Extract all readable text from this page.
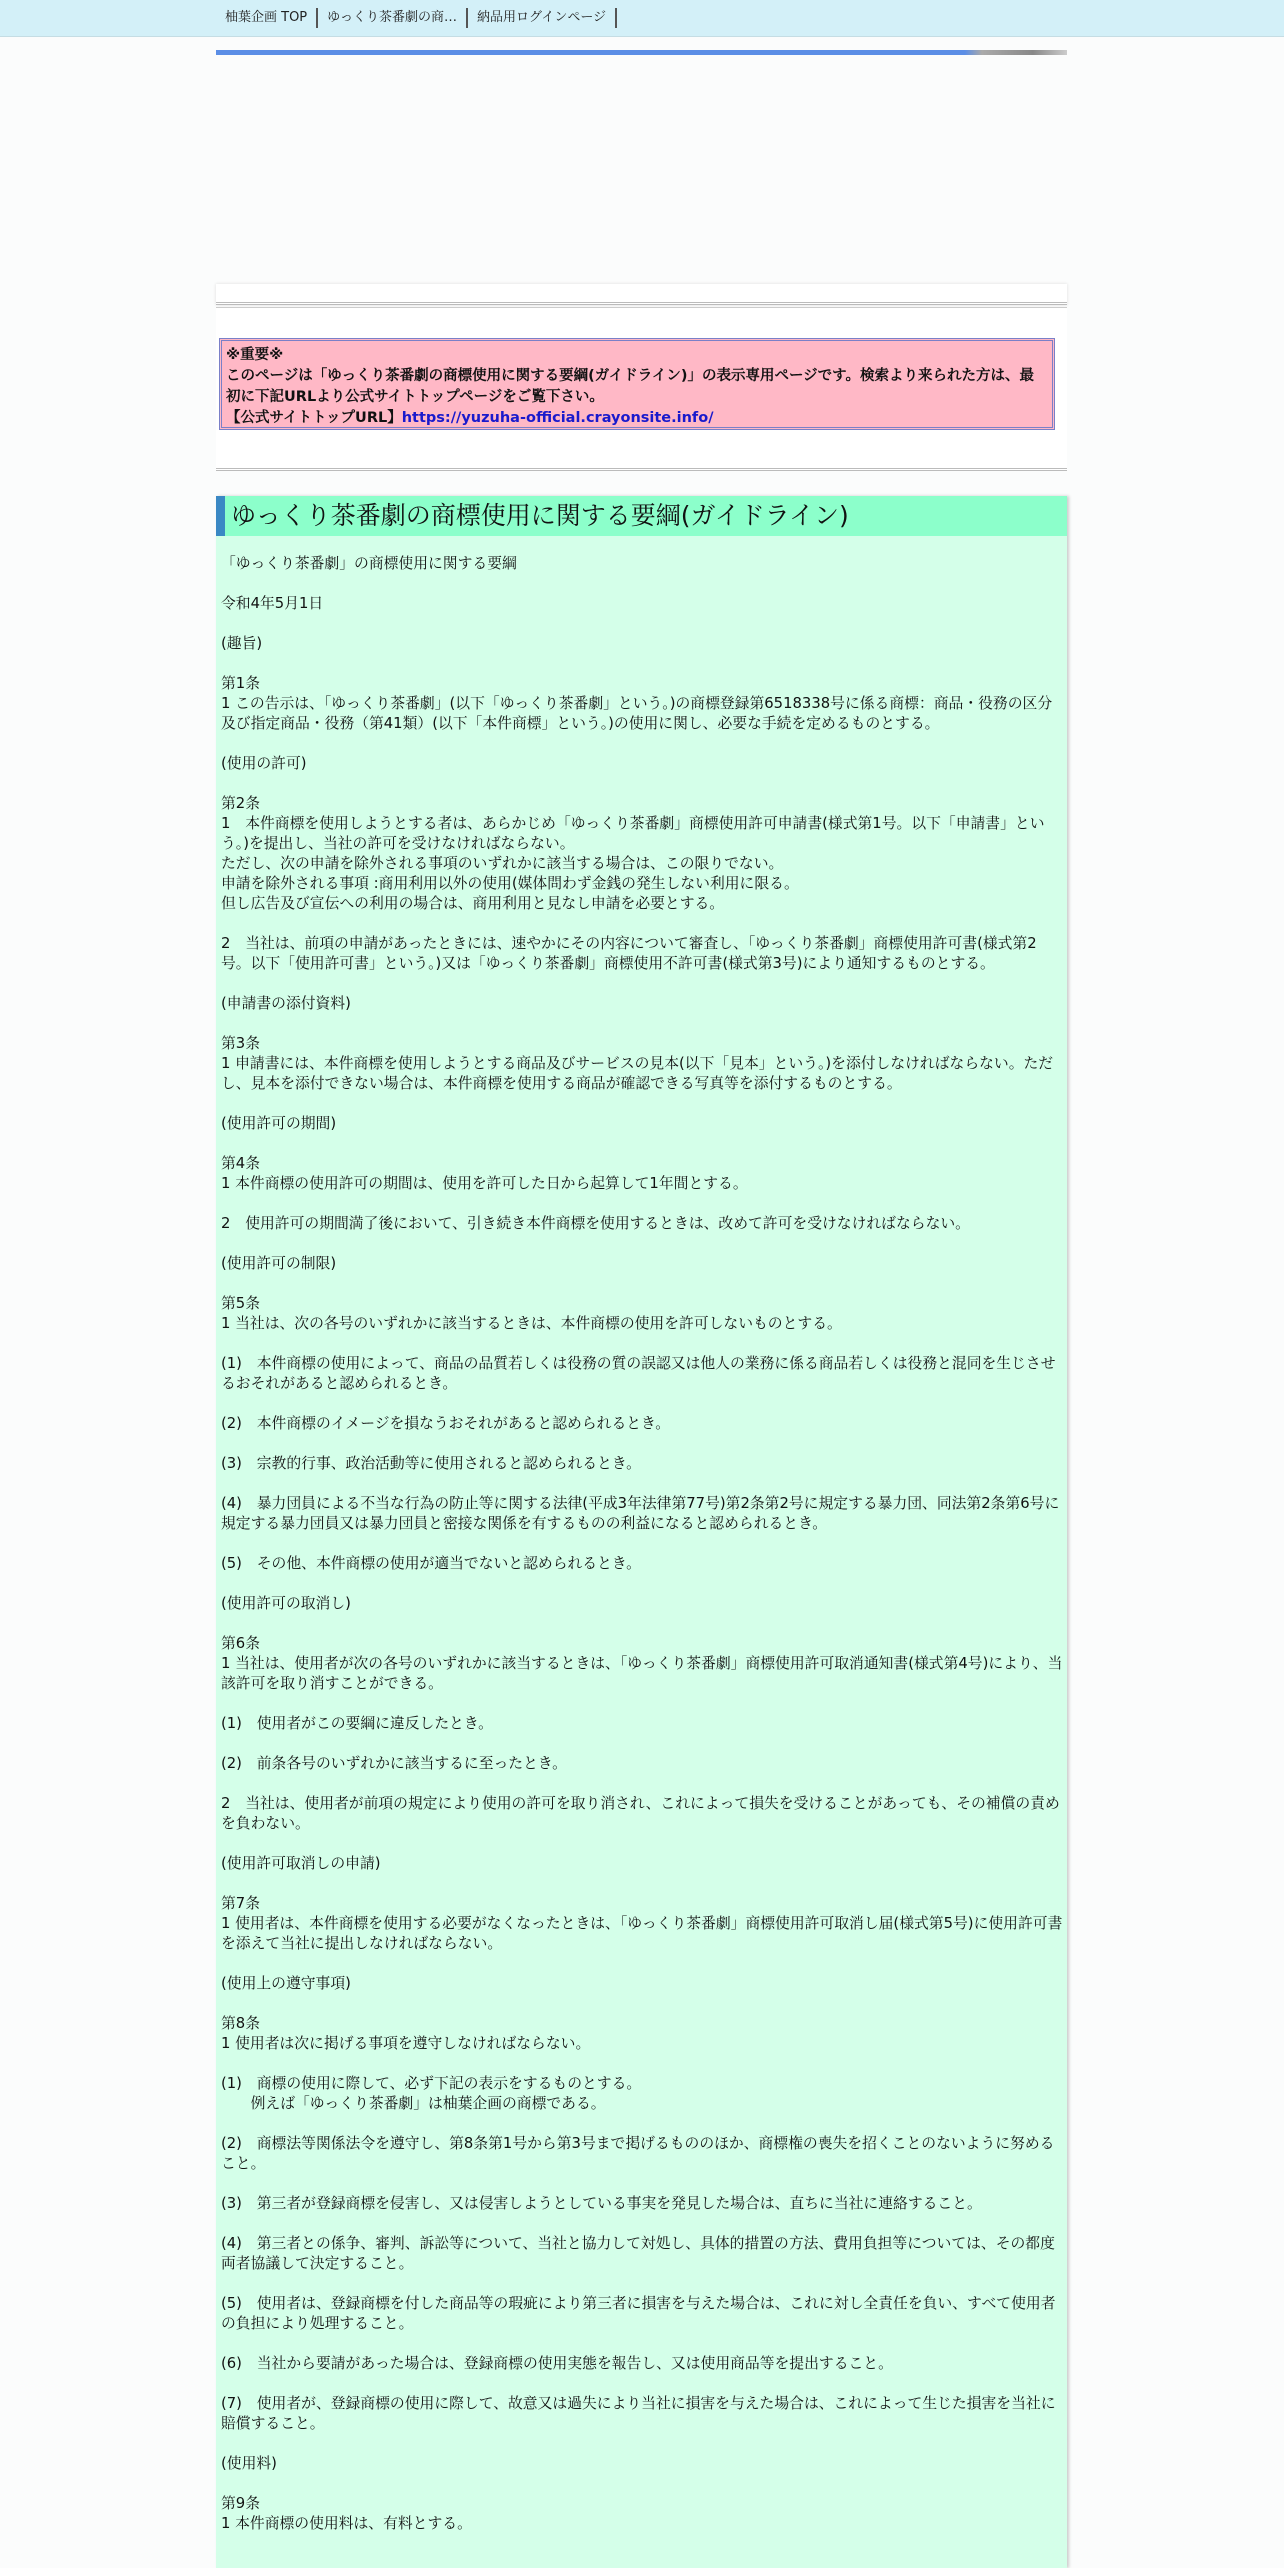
柚葉企画 TOP	ゆっくり茶番劇の商…	納品用ログインページ
※重要※
このページは「ゆっくり茶番劇の商標使用に関する要綱(ガイドライン)」の表示専用ページです。検索より来られた方は、最初に下記URLより公式サイトトップページをご覧下さい。
【公式サイトトップURL】https://yuzuha-official.crayonsite.info/
ゆっくり茶番劇の商標使用に関する要綱(ガイドライン)

「ゆっくり茶番劇」の商標使用に関する要綱

令和4年5月1日

(趣旨)

第1条
1 この告示は、「ゆっくり茶番劇」(以下「ゆっくり茶番劇」という。)の商標登録第6518338号に係る商標：商品・役務の区分及び指定商品・役務（第41類）(以下「本件商標」という。)の使用に関し、必要な手続を定めるものとする。

(使用の許可)

第2条
1　本件商標を使用しようとする者は、あらかじめ「ゆっくり茶番劇」商標使用許可申請書(様式第1号。以下「申請書」という。)を提出し、当社の許可を受けなければならない。
ただし、次の申請を除外される事項のいずれかに該当する場合は、この限りでない。
申請を除外される事項 :商用利用以外の使用(媒体問わず金銭の発生しない利用に限る。
但し広告及び宣伝への利用の場合は、商用利用と見なし申請を必要とする。

2　当社は、前項の申請があったときには、速やかにその内容について審査し、「ゆっくり茶番劇」商標使用許可書(様式第2号。以下「使用許可書」という。)又は「ゆっくり茶番劇」商標使用不許可書(様式第3号)により通知するものとする。

(申請書の添付資料)

第3条
1 申請書には、本件商標を使用しようとする商品及びサービスの見本(以下「見本」という。)を添付しなければならない。ただし、見本を添付できない場合は、本件商標を使用する商品が確認できる写真等を添付するものとする。

(使用許可の期間)

第4条
1 本件商標の使用許可の期間は、使用を許可した日から起算して1年間とする。

2　使用許可の期間満了後において、引き続き本件商標を使用するときは、改めて許可を受けなければならない。

(使用許可の制限)

第5条
1 当社は、次の各号のいずれかに該当するときは、本件商標の使用を許可しないものとする。

(1)　本件商標の使用によって、商品の品質若しくは役務の質の誤認又は他人の業務に係る商品若しくは役務と混同を生じさせるおそれがあると認められるとき。

(2)　本件商標のイメージを損なうおそれがあると認められるとき。

(3)　宗教的行事、政治活動等に使用されると認められるとき。

(4)　暴力団員による不当な行為の防止等に関する法律(平成3年法律第77号)第2条第2号に規定する暴力団、同法第2条第6号に規定する暴力団員又は暴力団員と密接な関係を有するものの利益になると認められるとき。

(5)　その他、本件商標の使用が適当でないと認められるとき。

(使用許可の取消し)

第6条
1 当社は、使用者が次の各号のいずれかに該当するときは、「ゆっくり茶番劇」商標使用許可取消通知書(様式第4号)により、当該許可を取り消すことができる。

(1)　使用者がこの要綱に違反したとき。

(2)　前条各号のいずれかに該当するに至ったとき。

2　当社は、使用者が前項の規定により使用の許可を取り消され、これによって損失を受けることがあっても、その補償の責めを負わない。

(使用許可取消しの申請)

第7条
1 使用者は、本件商標を使用する必要がなくなったときは、「ゆっくり茶番劇」商標使用許可取消し届(様式第5号)に使用許可書を添えて当社に提出しなければならない。

(使用上の遵守事項)

第8条
1 使用者は次に掲げる事項を遵守しなければならない。

(1)　商標の使用に際して、必ず下記の表示をするものとする。
　　例えば「ゆっくり茶番劇」は柚葉企画の商標である。

(2)　商標法等関係法令を遵守し、第8条第1号から第3号まで掲げるもののほか、商標権の喪失を招くことのないように努めること。

(3)　第三者が登録商標を侵害し、又は侵害しようとしている事実を発見した場合は、直ちに当社に連絡すること。

(4)　第三者との係争、審判、訴訟等について、当社と協力して対処し、具体的措置の方法、費用負担等については、その都度両者協議して決定すること。

(5)　使用者は、登録商標を付した商品等の瑕疵により第三者に損害を与えた場合は、これに対し全責任を負い、すべて使用者の負担により処理すること。

(6)　当社から要請があった場合は、登録商標の使用実態を報告し、又は使用商品等を提出すること。

(7)　使用者が、登録商標の使用に際して、故意又は過失により当社に損害を与えた場合は、これによって生じた損害を当社に賠償すること。

(使用料)

第9条
1 本件商標の使用料は、有料とする。
